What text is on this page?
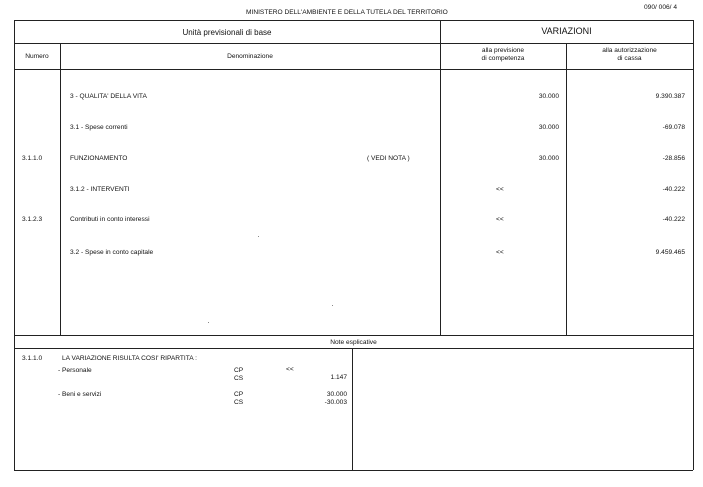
MINISTERO DELL'AMBIENTE E DELLA TUTELA DEL TERRITORIO
090/ 006/ 4
Unità previsionali di base	VARIAZIONI
Numero	Denominazione
alla previsione
di competenza
alla autorizzazione
di cassa
3 - QUALITA' DELLA VITA	30.000	9.390.387
3.1 - Spese correnti	30.000	-69.078
3.1.1.0	FUNZIONAMENTO	( VEDI NOTA )	30.000	-28.856
3.1.2 - INTERVENTI	<<	-40.222
3.1.2.3	Contributi in conto interessi	<<	-40.222
3.2 - Spese in conto capitale	<<	9.459.465
Note esplicative
3.1.1.0	LA VARIAZIONE RISULTA COSI' RIPARTITA :
- Personale	CP	<<
CS	1.147
- Beni e servizi	CP	30.000
CS	-30.003
